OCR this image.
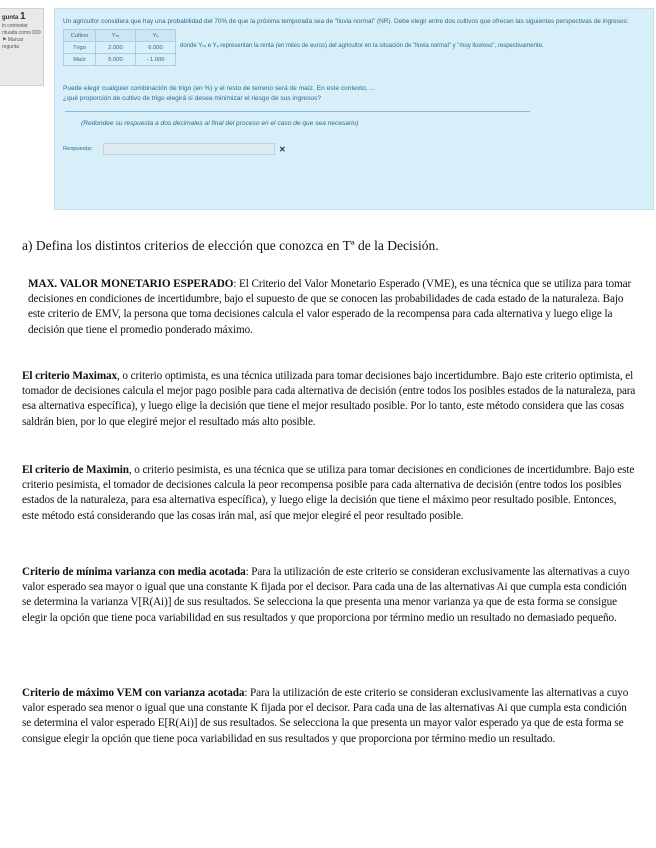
gunta 1
in contestar
ntuada como 000
⚑ Marcar
regunta
Un agricultor considera que hay una probabilidad del 70% de que la próxima temporada sea de "lluvia normal" (NR). Debe elegir entre dos cultivos que ofrecen las siguientes perspectivas de ingresos:
Cultivo	Yₙᵣ	Yᵥ
Trigo	2.000	6.000
Maíz	5.000	- 1.000
donde Yₙᵣ e Yᵥ representan la renta (en miles de euros) del agricultor en la situación de "lluvia normal" y "muy lluvioso", respectivamente.
Puede elegir cualquier combinación de trigo (en %) y el resto de terreno será de maíz. En este contexto, ...
¿qué proporción de cultivo de trigo elegirá si desea minimizar el riesgo de sus ingresos?
(Redondee su respuesta a dos decimales al final del proceso en el caso de que sea necesario)
Respuesta:	✕
a) Defina los distintos criterios de elección que conozca en Tª de la Decisión.
MAX. VALOR MONETARIO ESPERADO: El Criterio del Valor Monetario Esperado (VME), es una técnica que se utiliza para tomar decisiones en condiciones de incertidumbre, bajo el supuesto de que se conocen las probabilidades de cada estado de la naturaleza. Bajo este criterio de EMV, la persona que toma decisiones calcula el valor esperado de la recompensa para cada alternativa y luego elige la decisión que tiene el promedio ponderado máximo.
El criterio Maximax, o criterio optimista, es una técnica utilizada para tomar decisiones bajo incertidumbre. Bajo este criterio optimista, el tomador de decisiones calcula el mejor pago posible para cada alternativa de decisión (entre todos los posibles estados de la naturaleza, para esa alternativa específica), y luego elige la decisión que tiene el mejor resultado posible. Por lo tanto, este método considera que las cosas saldrán bien, por lo que elegiré mejor el resultado más alto posible.
El criterio de Maximin, o criterio pesimista, es una técnica que se utiliza para tomar decisiones en condiciones de incertidumbre. Bajo este criterio pesimista, el tomador de decisiones calcula la peor recompensa posible para cada alternativa de decisión (entre todos los posibles estados de la naturaleza, para esa alternativa específica), y luego elige la decisión que tiene el máximo peor resultado posible. Entonces, este método está considerando que las cosas irán mal, así que mejor elegiré el peor resultado posible.
Criterio de mínima varianza con media acotada: Para la utilización de este criterio se consideran exclusivamente las alternativas a cuyo valor esperado sea mayor o igual que una constante K fijada por el decisor. Para cada una de las alternativas Ai que cumpla esta condición se determina la varianza V[R(Ai)] de sus resultados. Se selecciona la que presenta una menor varianza ya que de esta forma se consigue elegir la opción que tiene poca variabilidad en sus resultados y que proporciona por término medio un resultado no demasiado pequeño.
Criterio de máximo VEM con varianza acotada: Para la utilización de este criterio se consideran exclusivamente las alternativas a cuyo valor esperado sea menor o igual que una constante K fijada por el decisor. Para cada una de las alternativas Ai que cumpla esta condición se determina el valor esperado E[R(Ai)] de sus resultados. Se selecciona la que presenta un mayor valor esperado ya que de esta forma se consigue elegir la opción que tiene poca variabilidad en sus resultados y que proporciona por término medio un resultado.
